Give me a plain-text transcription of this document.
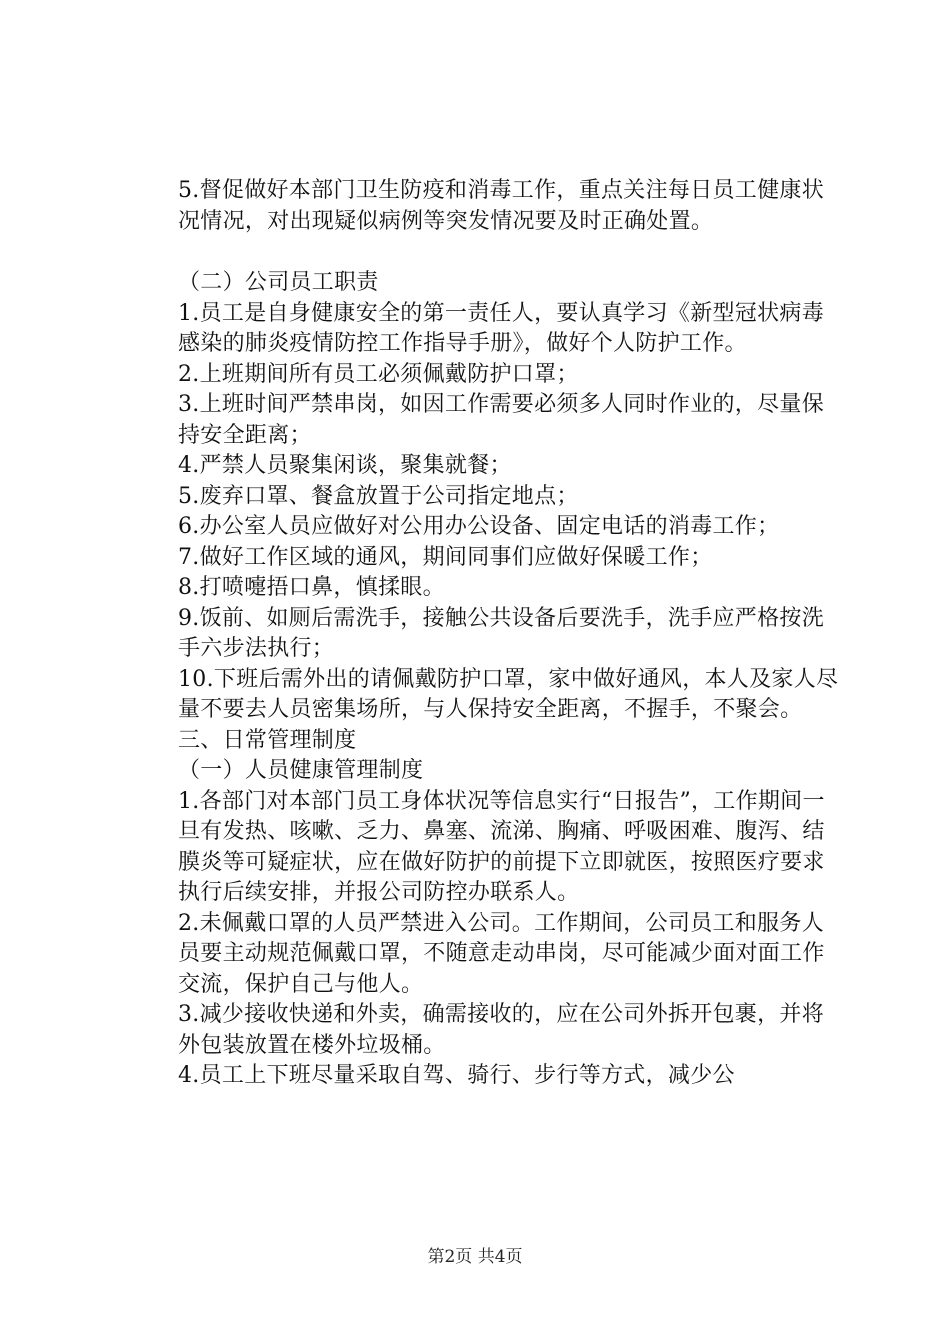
5.督促做好本部门卫生防疫和消毒工作，重点关注每日员工健康状况情况，对出现疑似病例等突发情况要及时正确处置。

（二）公司员工职责

1.员工是自身健康安全的第一责任人，要认真学习《新型冠状病毒感染的肺炎疫情防控工作指导手册》，做好个人防护工作。

2.上班期间所有员工必须佩戴防护口罩；

3.上班时间严禁串岗，如因工作需要必须多人同时作业的，尽量保持安全距离；

4.严禁人员聚集闲谈，聚集就餐；

5.废弃口罩、餐盒放置于公司指定地点；

6.办公室人员应做好对公用办公设备、固定电话的消毒工作；

7.做好工作区域的通风，期间同事们应做好保暖工作；

8.打喷嚏捂口鼻，慎揉眼。

9.饭前、如厕后需洗手，接触公共设备后要洗手，洗手应严格按洗手六步法执行；

10.下班后需外出的请佩戴防护口罩，家中做好通风，本人及家人尽量不要去人员密集场所，与人保持安全距离，不握手，不聚会。

三、日常管理制度

（一）人员健康管理制度

1.各部门对本部门员工身体状况等信息实行“日报告”，工作期间一旦有发热、咳嗽、乏力、鼻塞、流涕、胸痛、呼吸困难、腹泻、结膜炎等可疑症状，应在做好防护的前提下立即就医，按照医疗要求执行后续安排，并报公司防控办联系人。

2.未佩戴口罩的人员严禁进入公司。工作期间，公司员工和服务人员要主动规范佩戴口罩，不随意走动串岗，尽可能减少面对面工作交流，保护自己与他人。

3.减少接收快递和外卖，确需接收的，应在公司外拆开包裹，并将外包装放置在楼外垃圾桶。

4.员工上下班尽量采取自驾、骑行、步行等方式，减少公

第2页 共4页
